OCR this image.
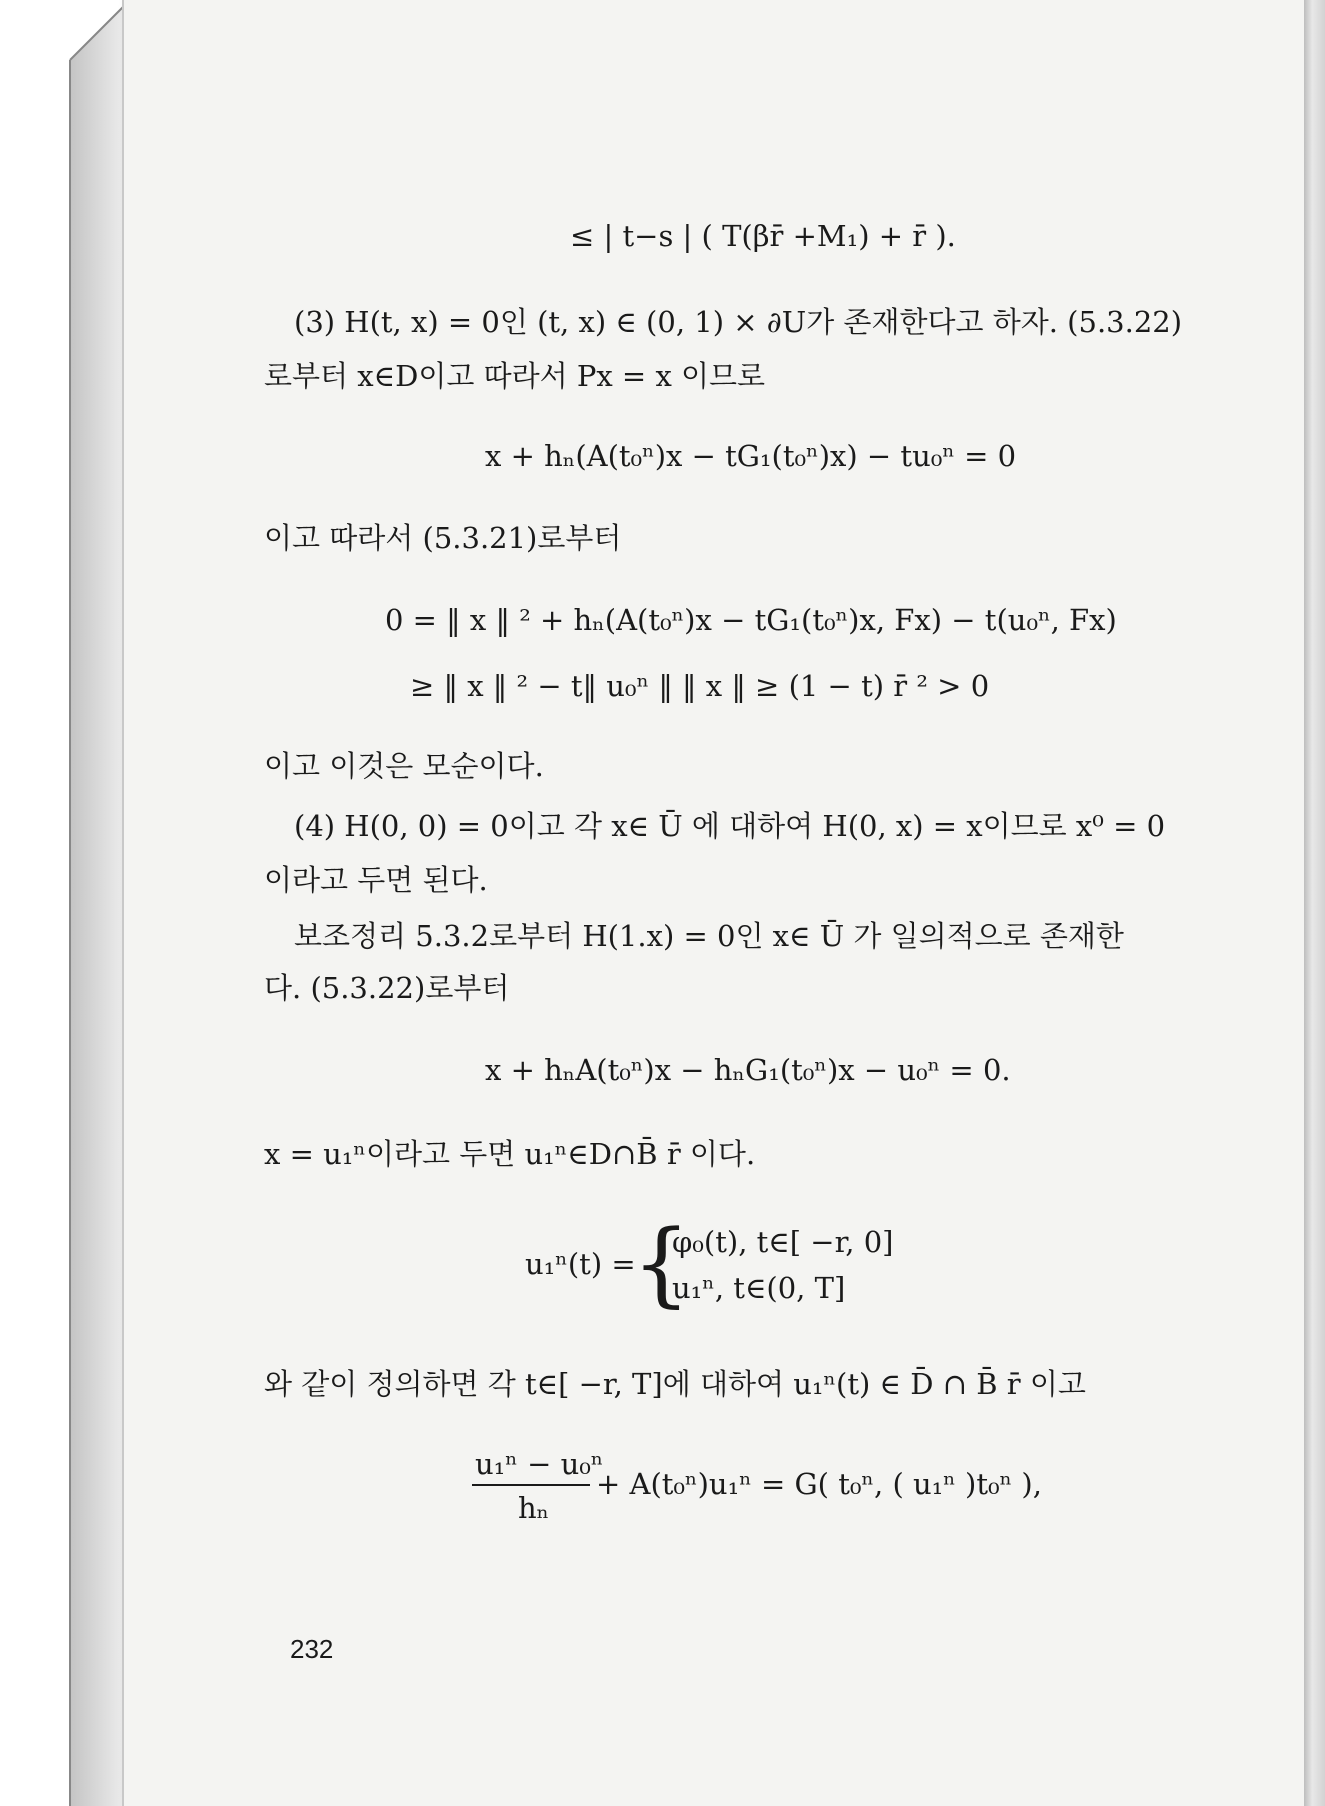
≤ | t−s | ( T(βr̄ +M₁) + r̄ ).
(3) H(t, x) = 0인 (t, x) ∈ (0, 1) × ∂U가 존재한다고 하자. (5.3.22)
로부터 x∈D이고 따라서 Px = x 이므로
x + hₙ(A(t₀ⁿ)x − tG₁(t₀ⁿ)x) − tu₀ⁿ = 0
이고 따라서 (5.3.21)로부터
0 = ‖ x ‖ ² + hₙ(A(t₀ⁿ)x − tG₁(t₀ⁿ)x, Fx) − t(u₀ⁿ, Fx)
≥ ‖ x ‖ ² − t‖ u₀ⁿ ‖ ‖ x ‖ ≥ (1 − t) r̄ ² > 0
이고 이것은 모순이다.
(4) H(0, 0) = 0이고 각 x∈ Ū 에 대하여 H(0, x) = x이므로 x⁰ = 0
이라고 두면 된다.
보조정리 5.3.2로부터 H(1.x) = 0인 x∈ Ū 가 일의적으로 존재한
다. (5.3.22)로부터
x + hₙA(t₀ⁿ)x − hₙG₁(t₀ⁿ)x − u₀ⁿ = 0.
x = u₁ⁿ이라고 두면 u₁ⁿ∈D∩B̄ r̄ 이다.
u₁ⁿ(t) =
{
φ₀(t), t∈[ −r, 0]
u₁ⁿ, t∈(0, T]
와 같이 정의하면 각 t∈[ −r, T]에 대하여 u₁ⁿ(t) ∈ D̄ ∩ B̄ r̄ 이고
u₁ⁿ − u₀ⁿ
hₙ
+ A(t₀ⁿ)u₁ⁿ = G( t₀ⁿ, ( u₁ⁿ )t₀ⁿ ),
232
